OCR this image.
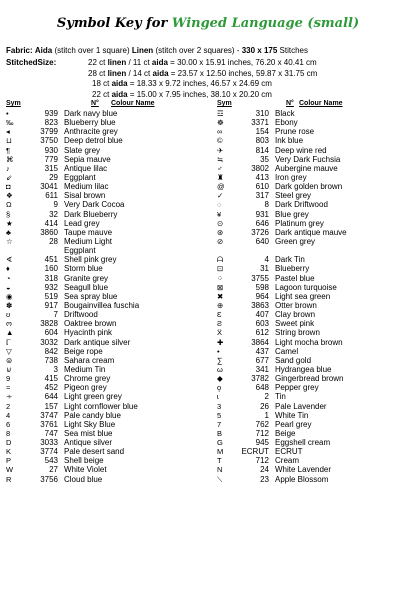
Symbol Key for Winged Language (small)
Fabric: Aida (stitch over 1 square) Linen (stitch over 2 squares) - 330 x 175 Stitches
StitchedSize:	22 ct linen / 11 ct aida = 30.00 x 15.91 inches, 76.20 x 40.41 cm
28 ct linen / 14 ct aida = 23.57 x 12.50 inches, 59.87 x 31.75 cm
18 ct aida = 18.33 x 9.72 inches, 46.57 x 24.69 cm
22 ct aida = 15.00 x 7.95 inches, 38.10 x 20.20 cm
Sym	N° Colour Name	Sym	N° Colour Name
•	939 Dark navy blue
‰	823 Blueberry blue
◂	3799 Anthracite grey
⊔	3750 Deep detrol blue
¶	930 Slate grey
⌘	779 Sepia mauve
♪	315 Antique lilac
⇙	29 Eggplant
◘	3041 Medium lilac
❖	611 Sisal brown
Ω	9 Very Dark Cocoa
§	32 Dark Blueberry
★	414 Lead grey
♣	3860 Taupe mauve
☆	28 Medium Light
Eggplant
∢	451 Shell pink grey
♦	160 Storm blue
◔	318 Granite grey
◒	932 Seagull blue
◉	519 Sea spray blue
✽	917 Bougainvillea fuschia
ʊ	7 Driftwood
ო	3828 Oaktree brown
▲	604 Hyacinth pink
ℾ	3032 Dark antique silver
▽	842 Beige rope
⊜	738 Sahara cream
⊍	3 Medium Tin
9	415 Chrome grey
≈	452 Pigeon grey
∻	644 Light green grey
2	157 Light cornflower blue
4	3747 Pale candy blue
6	3761 Light Sky Blue
8	747 Sea mist blue
D	3033 Antique silver
K	3774 Pale desert sand
P	543 Shell beige
W	27 White Violet
R	3756 Cloud blue
☲	310 Black
☸	3371 Ebony
∞	154 Prune rose
©	803 Ink blue
✈	814 Deep wine red
≒	35 Very Dark Fuchsia
♂	3802 Aubergine mauve
♜	413 Iron grey
@	610 Dark golden brown
✓	317 Steel grey
◌	8 Dark Driftwood
¥	931 Blue grey
⊙	646 Platinum grey
⊛	3726 Dark antique mauve
⊘	640 Green grey
ᗩ	4 Dark Tin
⊡	31 Blueberry
⁘	3755 Pastel blue
⊠	598 Lagoon turquoise
✖	964 Light sea green
⊕	3863 Otter brown
Ɛ	407 Clay brown
Ƨ	603 Sweet pink
Ẍ	612 String brown
✚	3864 Light mocha brown
•	437 Camel
∑	677 Sand gold
ω	341 Hydrangea blue
◆	3782 Gingerbread brown
ǫ	648 Pepper grey
ɩ	2 Tin
3	26 Pale Lavender
5	1 White Tin
7	762 Pearl grey
B	712 Beige
G	945 Eggshell cream
M	ECRUT ECRUT
T	712 Cream
N	24 White Lavender
⟍	23 Apple Blossom
